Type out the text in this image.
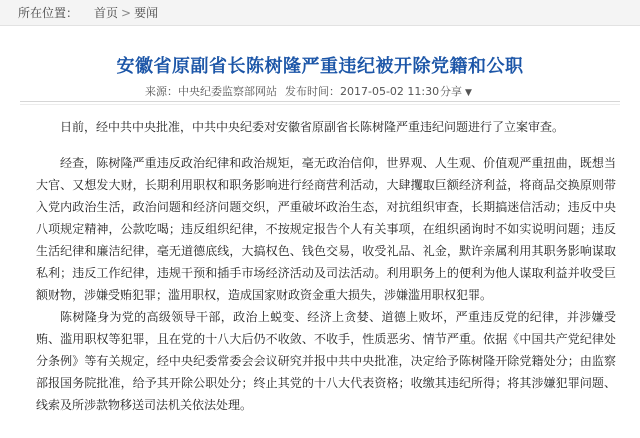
所在位置： 首页 > 要闻
安徽省原副省长陈树隆严重违纪被开除党籍和公职
来源：中央纪委监察部网站 发布时间：2017-05-02 11:30 分享 ▼

日前，经中共中央批准，中共中央纪委对安徽省原副省长陈树隆严重违纪问题进行了立案审查。

经查，陈树隆严重违反政治纪律和政治规矩，毫无政治信仰，世界观、人生观、价值观严重扭曲，既想当大官、又想发大财，长期利用职权和职务影响进行经商营利活动，大肆攫取巨额经济利益，将商品交换原则带入党内政治生活，政治问题和经济问题交织，严重破坏政治生态，对抗组织审查，长期搞迷信活动；违反中央八项规定精神，公款吃喝；违反组织纪律，不按规定报告个人有关事项，在组织函询时不如实说明问题；违反生活纪律和廉洁纪律，毫无道德底线，大搞权色、钱色交易，收受礼品、礼金，默许亲属利用其职务影响谋取私利；违反工作纪律，违规干预和插手市场经济活动及司法活动。利用职务上的便利为他人谋取利益并收受巨额财物，涉嫌受贿犯罪；滥用职权，造成国家财政资金重大损失，涉嫌滥用职权犯罪。

陈树隆身为党的高级领导干部，政治上蜕变、经济上贪婪、道德上败坏，严重违反党的纪律，并涉嫌受贿、滥用职权等犯罪，且在党的十八大后仍不收敛、不收手，性质恶劣、情节严重。依据《中国共产党纪律处分条例》等有关规定，经中央纪委常委会会议研究并报中共中央批准，决定给予陈树隆开除党籍处分；由监察部报国务院批准，给予其开除公职处分；终止其党的十八大代表资格；收缴其违纪所得；将其涉嫌犯罪问题、线索及所涉款物移送司法机关依法处理。
